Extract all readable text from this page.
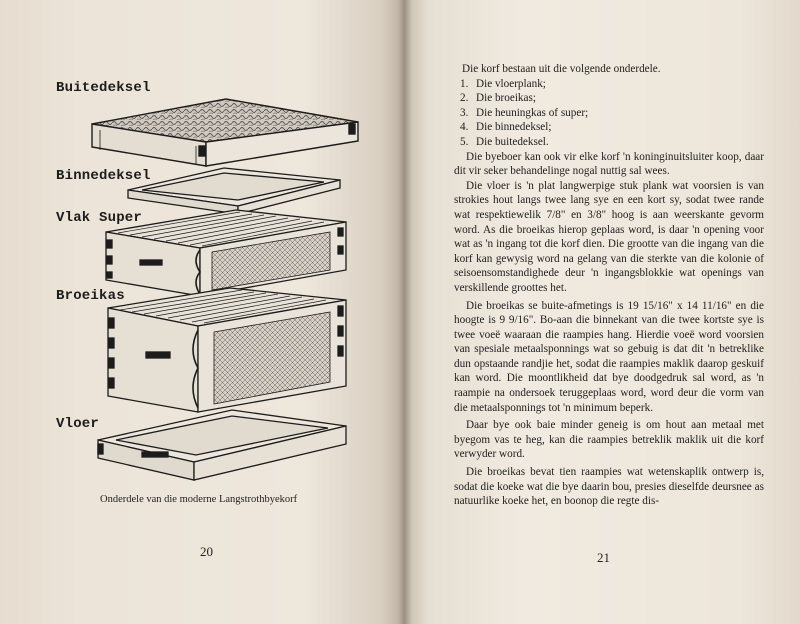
Buitedeksel
Binnedeksel
Vlak Super
Broeikas
Vloer
Onderdele van die moderne Langstrothbyekorf
20

Die korf bestaan uit die volgende onderdele.

1. Die vloerplank;
2. Die broeikas;
3. Die heuningkas of super;
4. Die binnedeksel;
5. Die buitedeksel.

Die byeboer kan ook vir elke korf 'n koninginuitsluiter koop, daar dit vir seker behandelinge nogal nuttig sal wees.

Die vloer is 'n plat langwerpige stuk plank wat voorsien is van strokies hout langs twee lang sye en een kort sy, sodat twee rande wat respektiewelik 7/8" en 3/8" hoog is aan weerskante gevorm word. As die broeikas hierop geplaas word, is daar 'n opening voor wat as 'n ingang tot die korf dien. Die grootte van die ingang van die korf kan gewysig word na gelang van die sterkte van die kolonie of seisoensomstandighede deur 'n ingangsblokkie wat openings van verskillende groottes het.

Die broeikas se buite-afmetings is 19 15/16" x 14 11/16" en die hoogte is 9 9/16". Bo-aan die binnekant van die twee kortste sye is twee voeë waaraan die raampies hang. Hierdie voeë word voorsien van spesiale metaalsponnings wat so gebuig is dat dit 'n betreklike dun opstaande randjie het, sodat die raampies maklik daarop geskuif kan word. Die moontlikheid dat bye doodgedruk sal word, as 'n raampie na ondersoek teruggeplaas word, word deur die vorm van die metaalsponnings tot 'n minimum beperk.

Daar bye ook baie minder geneig is om hout aan metaal met byegom vas te heg, kan die raampies betreklik maklik uit die korf verwyder word.

Die broeikas bevat tien raampies wat wetenskaplik ontwerp is, sodat die koeke wat die bye daarin bou, presies dieselfde deursnee as natuurlike koeke het, en boonop die regte dis-

21
